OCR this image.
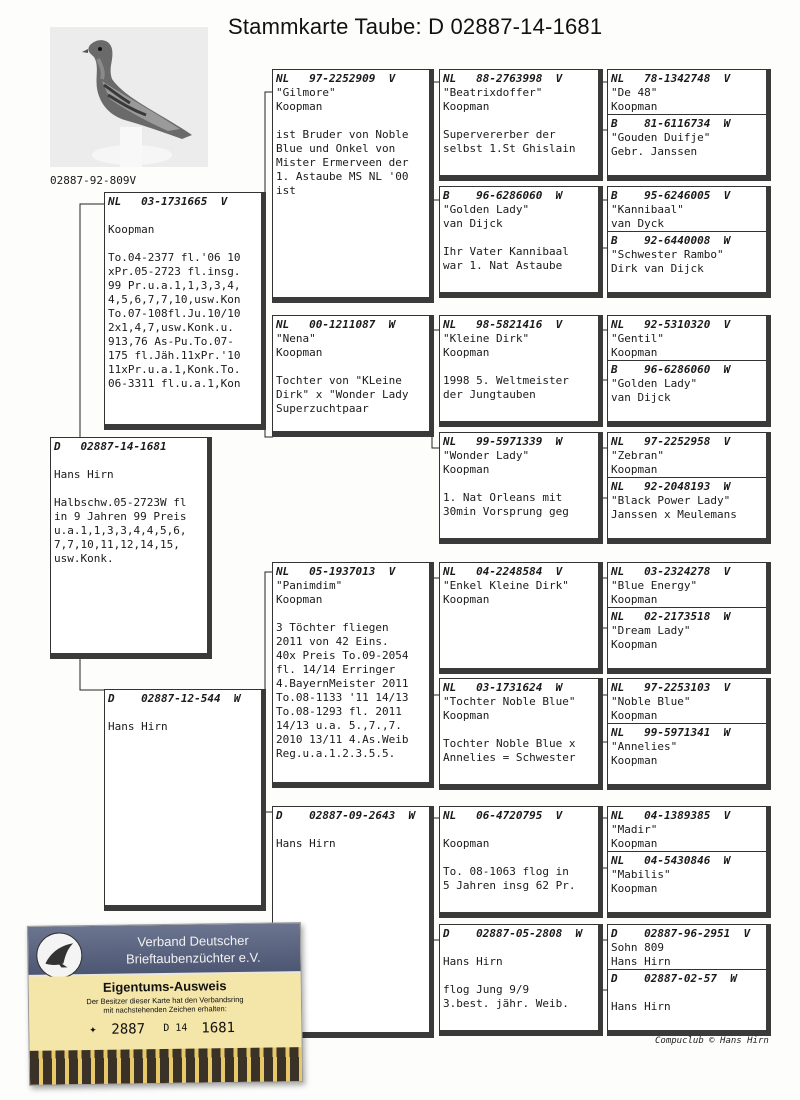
Stammkarte Taube: D 02887-14-1681
02887-92-809V
D   02887-14-1681
Hans Hirn
Halbschw.05-2723W fl
in 9 Jahren 99 Preis
u.a.1,1,3,3,4,4,5,6,
7,7,10,11,12,14,15,
usw.Konk.
NL   03-1731665  V
Koopman
To.04-2377 fl.'06 10
xPr.05-2723 fl.insg.
99 Pr.u.a.1,1,3,3,4,
4,5,6,7,7,10,usw.Kon
To.07-108fl.Ju.10/10
2x1,4,7,usw.Konk.u.
913,76 As-Pu.To.07-
175 fl.Jäh.11xPr.'10
11xPr.u.a.1,Konk.To.
06-3311 fl.u.a.1,Kon
D    02887-12-544  W
Hans Hirn
NL   97-2252909  V
"Gilmore"
Koopman
ist Bruder von Noble
Blue und Onkel von
Mister Ermerveen der
1. Astaube MS NL '00
ist
NL   00-1211087  W
"Nena"
Koopman
Tochter von "KLeine
Dirk" x "Wonder Lady
Superzuchtpaar
NL   05-1937013  V
"Panimdim"
Koopman
3 Töchter fliegen
2011 von 42 Eins.
40x Preis To.09-2054
fl. 14/14 Erringer
4.BayernMeister 2011
To.08-1133 '11 14/13
To.08-1293 fl. 2011
14/13 u.a. 5.,7.,7.
2010 13/11 4.As.Weib
Reg.u.a.1.2.3.5.5.
D    02887-09-2643  W
Hans Hirn
NL   88-2763998  V
"Beatrixdoffer"
Koopman
Supervererber der
selbst 1.St Ghislain
B    96-6286060  W
"Golden Lady"
van Dijck
Ihr Vater Kannibaal
war 1. Nat Astaube
NL   98-5821416  V
"Kleine Dirk"
Koopman
1998 5. Weltmeister
der Jungtauben
NL   99-5971339  W
"Wonder Lady"
Koopman
1. Nat Orleans mit
30min Vorsprung geg
NL   04-2248584  V
"Enkel Kleine Dirk"
Koopman
NL   03-1731624  W
"Tochter Noble Blue"
Koopman
Tochter Noble Blue x
Annelies = Schwester
NL   06-4720795  V
Koopman
To. 08-1063 flog in
5 Jahren insg 62 Pr.
D    02887-05-2808  W
Hans Hirn
flog Jung 9/9
3.best. jähr. Weib.
NL   78-1342748  V
"De 48"
Koopman
B    81-6116734  W
"Gouden Duifje"
Gebr. Janssen
B    95-6246005  V
"Kannibaal"
van Dyck
B    92-6440008  W
"Schwester Rambo"
Dirk van Dijck
NL   92-5310320  V
"Gentil"
Koopman
B    96-6286060  W
"Golden Lady"
van Dijck
NL   97-2252958  V
"Zebran"
Koopman
NL   92-2048193  W
"Black Power Lady"
Janssen x Meulemans
NL   03-2324278  V
"Blue Energy"
Koopman
NL   02-2173518  W
"Dream Lady"
Koopman
NL   97-2253103  V
"Noble Blue"
Koopman
NL   99-5971341  W
"Annelies"
Koopman
NL   04-1389385  V
"Madir"
Koopman
NL   04-5430846  W
"Mabilis"
Koopman
D    02887-96-2951  V
Sohn 809
Hans Hirn
D    02887-02-57  W
Hans Hirn
Compuclub © Hans Hirn
Verband Deutscher
Brieftaubenzüchter e.V.
Eigentums-Ausweis
Der Besitzer dieser Karte hat den Verbandsring
mit nachstehenden Zeichen erhalten:
✦ 2887 D 14 1681
